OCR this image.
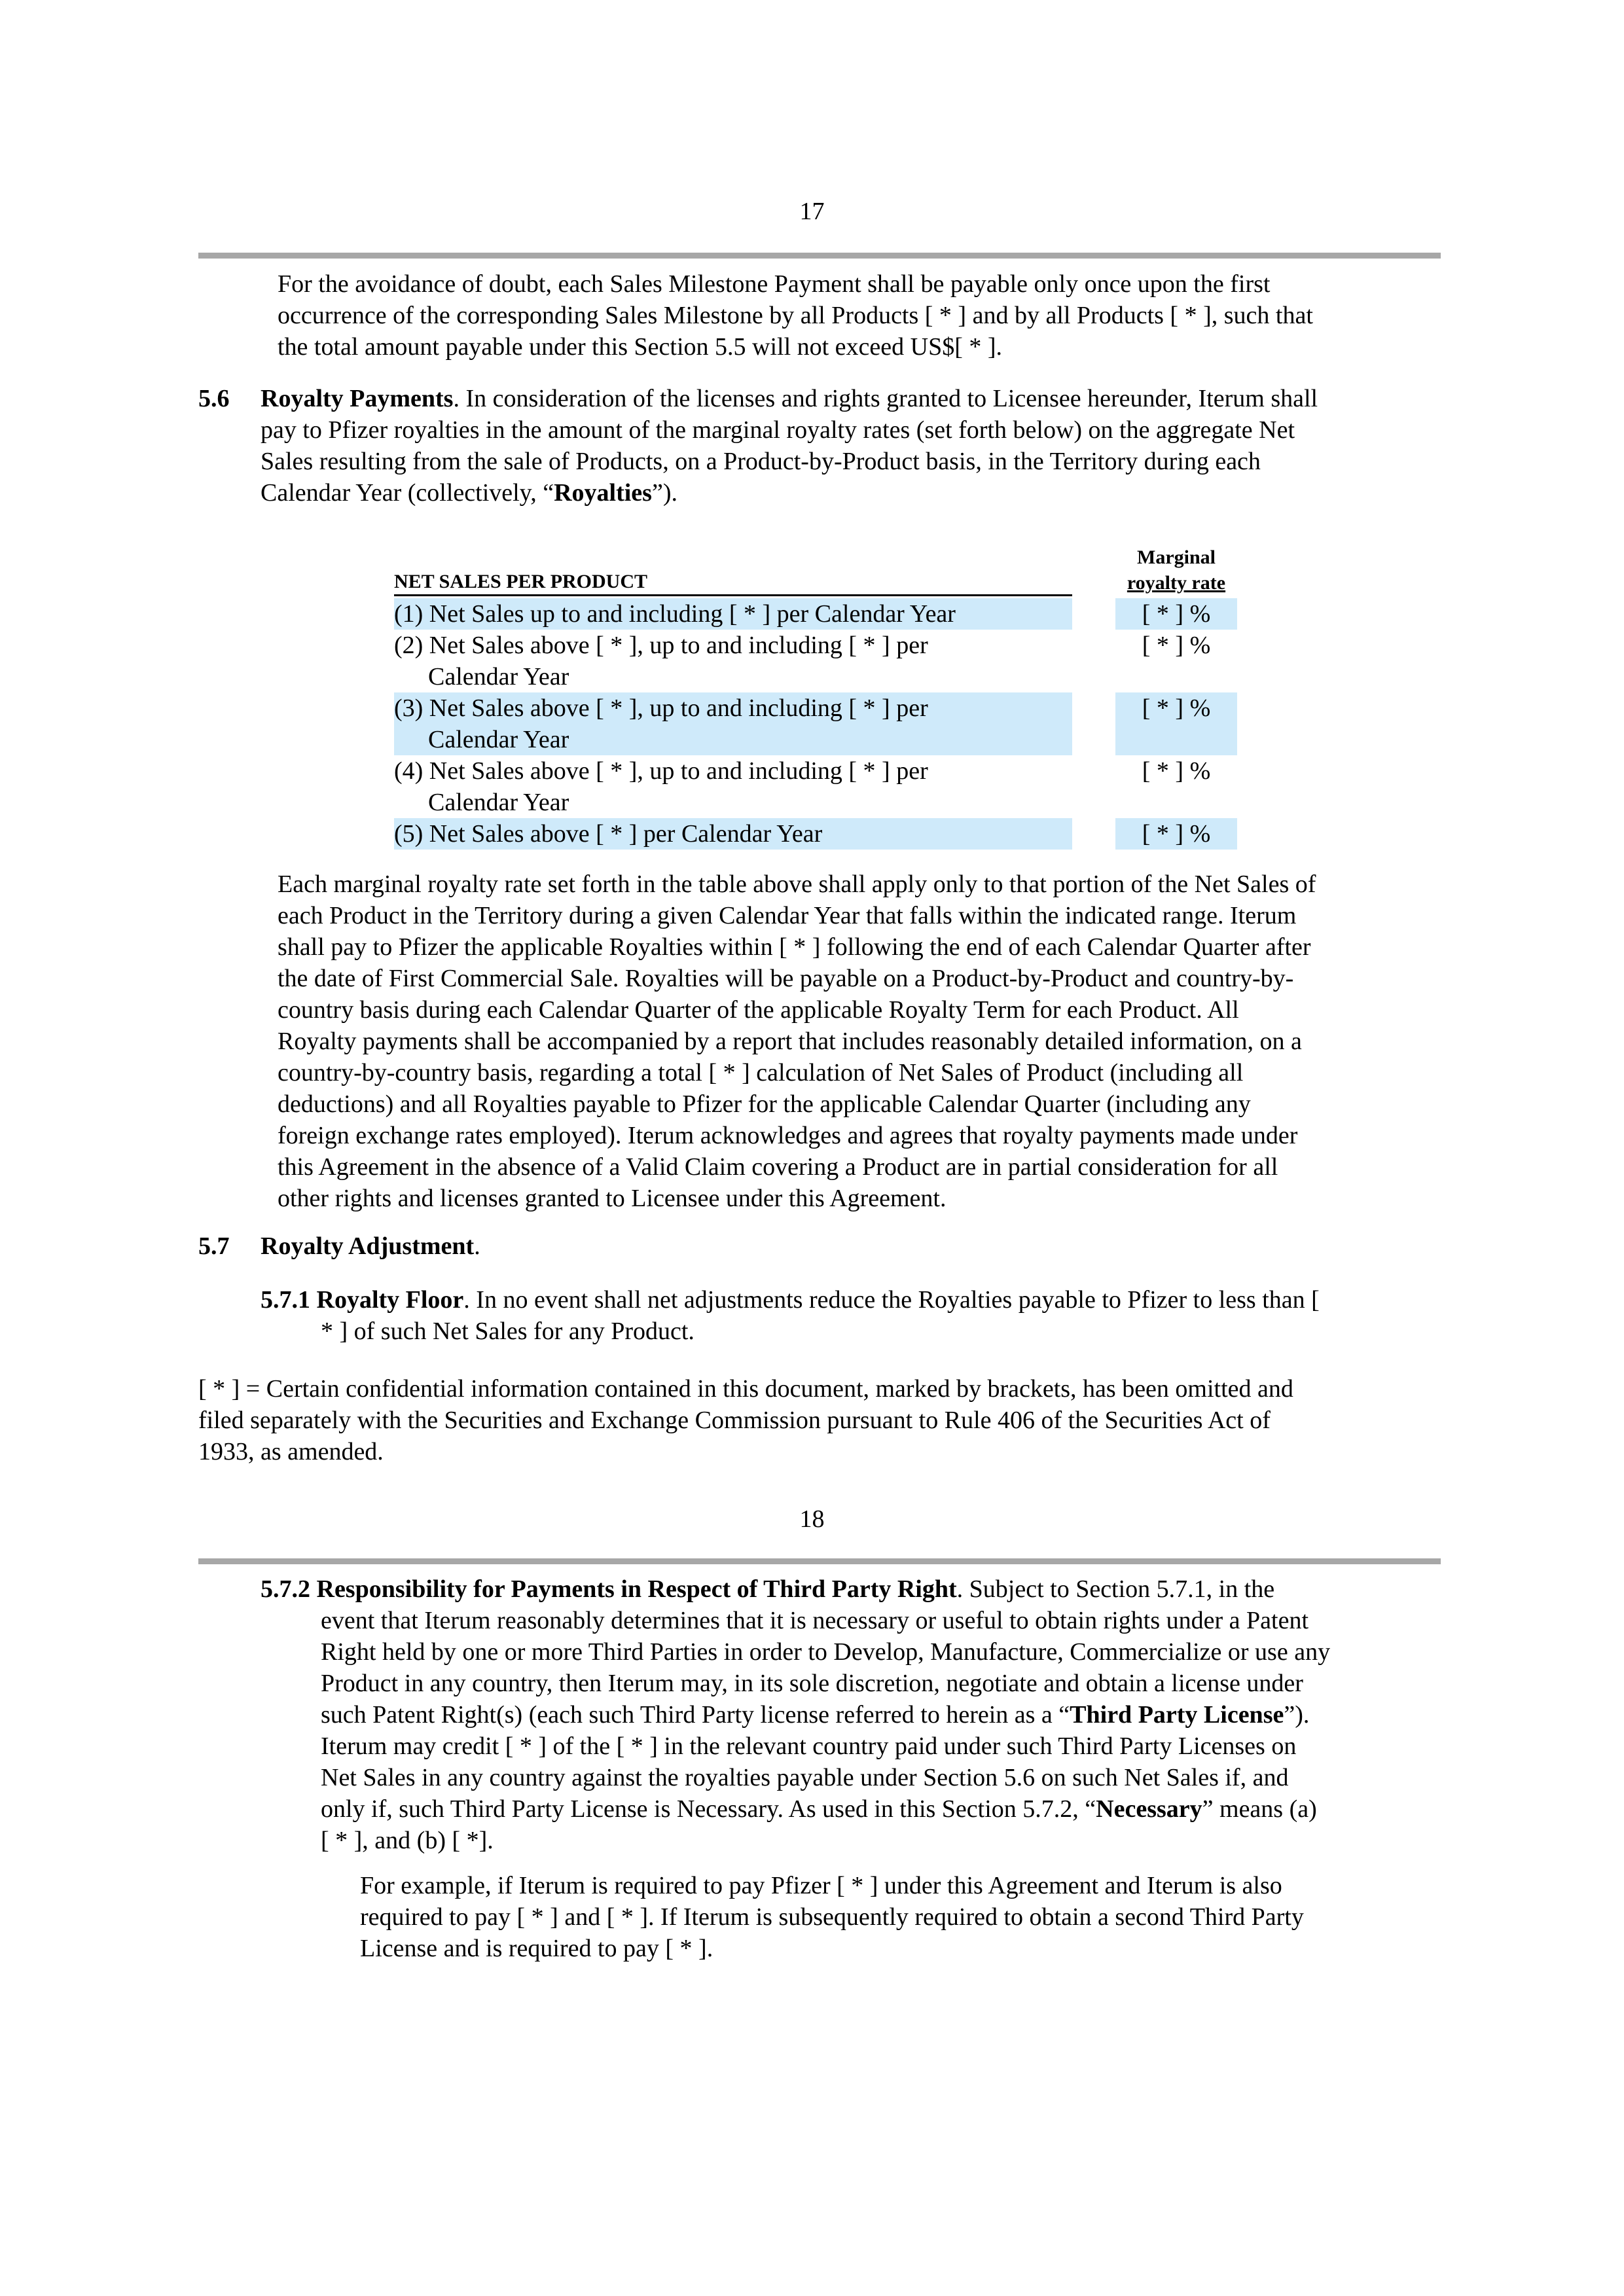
17

For the avoidance of doubt, each Sales Milestone Payment shall be payable only once upon the first

occurrence of the corresponding Sales Milestone by all Products [ * ] and by all Products [ * ], such that

the total amount payable under this Section 5.5 will not exceed US$[ * ].

5.6 Royalty Payments. In consideration of the licenses and rights granted to Licensee hereunder, Iterum shall

pay to Pfizer royalties in the amount of the marginal royalty rates (set forth below) on the aggregate Net

Sales resulting from the sale of Products, on a Product-by-Product basis, in the Territory during each

Calendar Year (collectively, “Royalties”).

NET SALES PER PRODUCT
Marginal
royalty rate
(1) Net Sales up to and including [ * ] per Calendar Year	[ * ] %
(2) Net Sales above [ * ], up to and including [ * ] per
Calendar Year
[ * ] %
(3) Net Sales above [ * ], up to and including [ * ] per
Calendar Year
[ * ] %
(4) Net Sales above [ * ], up to and including [ * ] per
Calendar Year
[ * ] %
(5) Net Sales above [ * ] per Calendar Year	[ * ] %

Each marginal royalty rate set forth in the table above shall apply only to that portion of the Net Sales of

each Product in the Territory during a given Calendar Year that falls within the indicated range. Iterum

shall pay to Pfizer the applicable Royalties within [ * ] following the end of each Calendar Quarter after

the date of First Commercial Sale. Royalties will be payable on a Product-by-Product and country-by-

country basis during each Calendar Quarter of the applicable Royalty Term for each Product. All

Royalty payments shall be accompanied by a report that includes reasonably detailed information, on a

country-by-country basis, regarding a total [ * ] calculation of Net Sales of Product (including all

deductions) and all Royalties payable to Pfizer for the applicable Calendar Quarter (including any

foreign exchange rates employed). Iterum acknowledges and agrees that royalty payments made under

this Agreement in the absence of a Valid Claim covering a Product are in partial consideration for all

other rights and licenses granted to Licensee under this Agreement.

5.7 Royalty Adjustment.

5.7.1 Royalty Floor. In no event shall net adjustments reduce the Royalties payable to Pfizer to less than [

* ] of such Net Sales for any Product.

[ * ] = Certain confidential information contained in this document, marked by brackets, has been omitted and

filed separately with the Securities and Exchange Commission pursuant to Rule 406 of the Securities Act of

1933, as amended.

18

5.7.2 Responsibility for Payments in Respect of Third Party Right. Subject to Section 5.7.1, in the

event that Iterum reasonably determines that it is necessary or useful to obtain rights under a Patent

Right held by one or more Third Parties in order to Develop, Manufacture, Commercialize or use any

Product in any country, then Iterum may, in its sole discretion, negotiate and obtain a license under

such Patent Right(s) (each such Third Party license referred to herein as a “Third Party License”).

Iterum may credit [ * ] of the [ * ] in the relevant country paid under such Third Party Licenses on

Net Sales in any country against the royalties payable under Section 5.6 on such Net Sales if, and

only if, such Third Party License is Necessary. As used in this Section 5.7.2, “Necessary” means (a)

[ * ], and (b) [ *].

For example, if Iterum is required to pay Pfizer [ * ] under this Agreement and Iterum is also

required to pay [ * ] and [ * ]. If Iterum is subsequently required to obtain a second Third Party

License and is required to pay [ * ].
